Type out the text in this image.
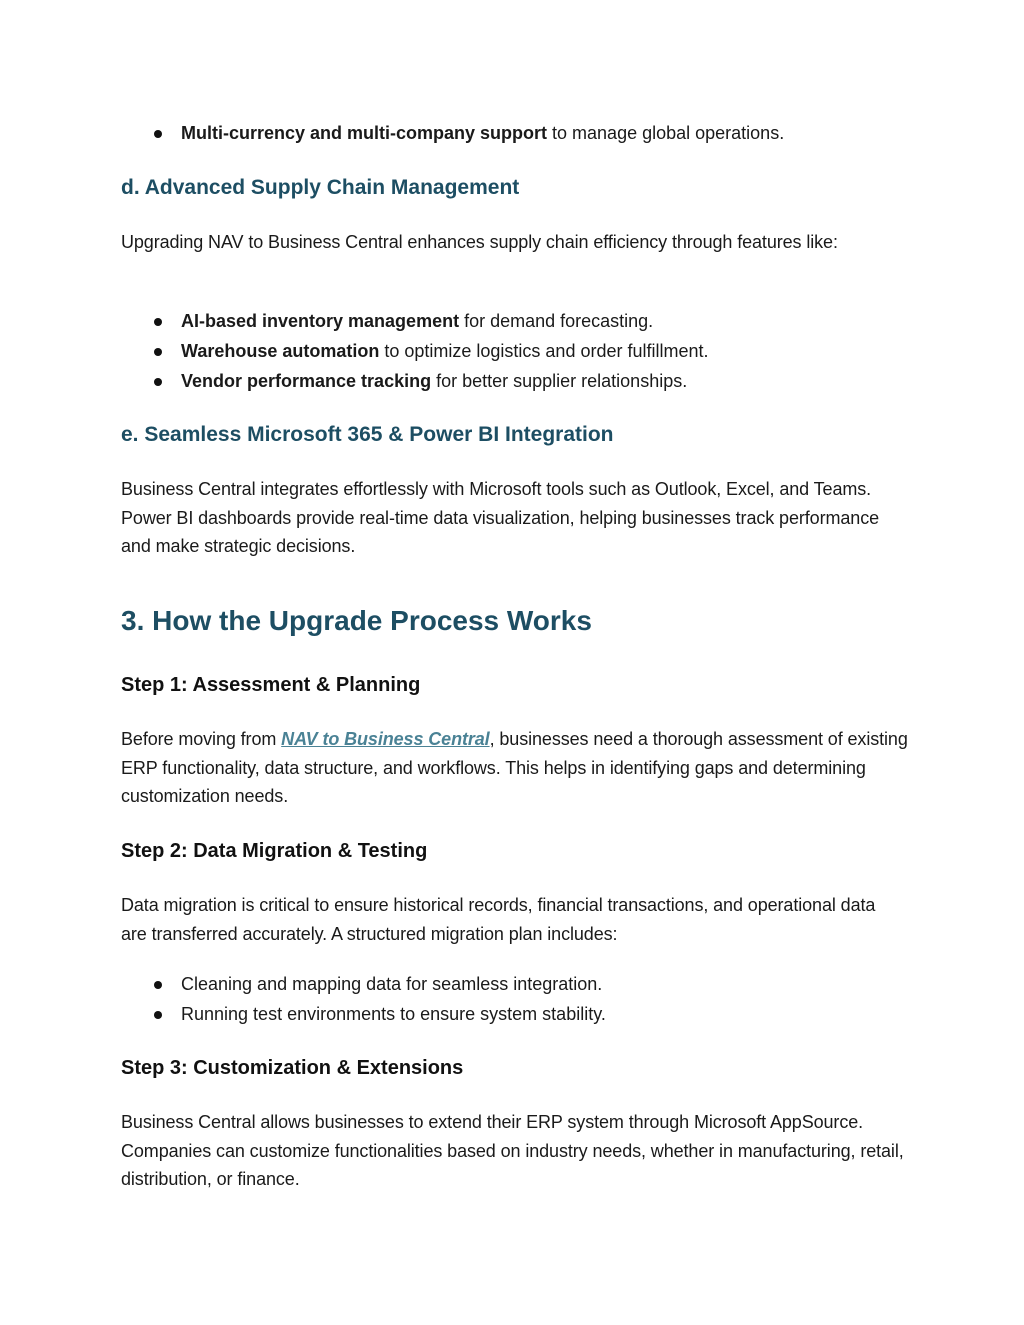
Multi-currency and multi-company support to manage global operations.
d. Advanced Supply Chain Management
Upgrading NAV to Business Central enhances supply chain efficiency through features like:
AI-based inventory management for demand forecasting.
Warehouse automation to optimize logistics and order fulfillment.
Vendor performance tracking for better supplier relationships.
e. Seamless Microsoft 365 & Power BI Integration
Business Central integrates effortlessly with Microsoft tools such as Outlook, Excel, and Teams. Power BI dashboards provide real-time data visualization, helping businesses track performance and make strategic decisions.
3. How the Upgrade Process Works
Step 1: Assessment & Planning
Before moving from NAV to Business Central, businesses need a thorough assessment of existing ERP functionality, data structure, and workflows. This helps in identifying gaps and determining customization needs.
Step 2: Data Migration & Testing
Data migration is critical to ensure historical records, financial transactions, and operational data are transferred accurately. A structured migration plan includes:
Cleaning and mapping data for seamless integration.
Running test environments to ensure system stability.
Step 3: Customization & Extensions
Business Central allows businesses to extend their ERP system through Microsoft AppSource. Companies can customize functionalities based on industry needs, whether in manufacturing, retail, distribution, or finance.
